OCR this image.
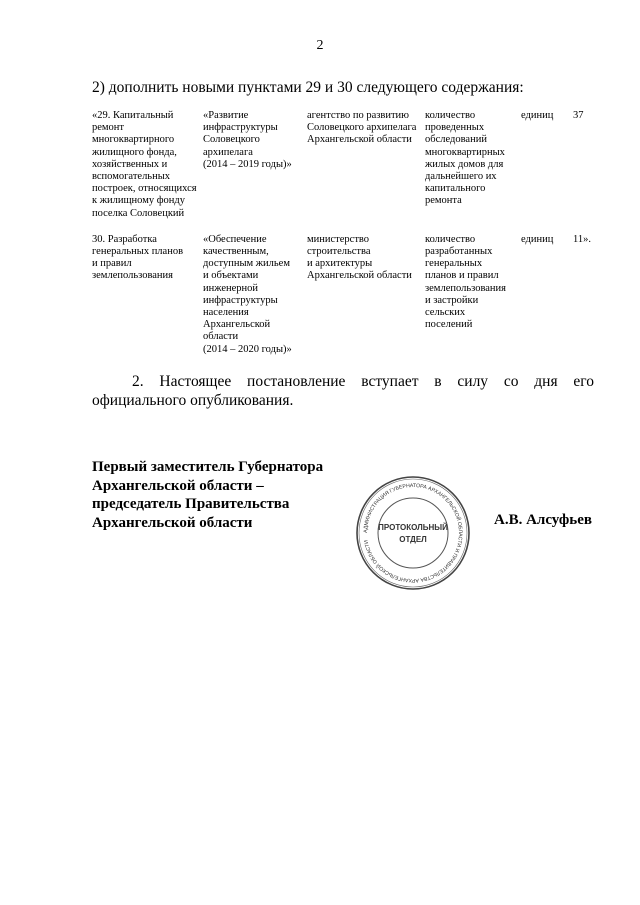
2
2) дополнить новыми пунктами 29 и 30 следующего содержания:
«29. Капитальный
ремонт
многоквартирного
жилищного фонда,
хозяйственных и
вспомогательных
построек, относящихся
к жилищному фонду
поселка Соловецкий
«Развитие
инфраструктуры
Соловецкого
архипелага
(2014 – 2019 годы)»
агентство по развитию
Соловецкого архипелага
Архангельской области
количество
проведенных
обследований
многоквартирных
жилых домов для
дальнейшего их
капитального
ремонта
единиц	37
30. Разработка
генеральных планов
и правил
землепользования
«Обеспечение
качественным,
доступным жильем
и объектами
инженерной
инфраструктуры
населения
Архангельской
области
(2014 – 2020 годы)»
министерство
строительства
и архитектуры
Архангельской области
количество
разработанных
генеральных
планов и правил
землепользования
и застройки
сельских
поселений
единиц	11».
2. Настоящее постановление вступает в силу со дня его официального опубликования.
Первый заместитель Губернатора
Архангельской области –
председатель Правительства
Архангельской области
АДМИНИСТРАЦИЯ ГУБЕРНАТОРА АРХАНГЕЛЬСКОЙ ОБЛАСТИ И ПРАВИТЕЛЬСТВА АРХАНГЕЛЬСКОЙ ОБЛАСТИ
ПРОТОКОЛЬНЫЙ
ОТДЕЛ
А.В. Алсуфьев
